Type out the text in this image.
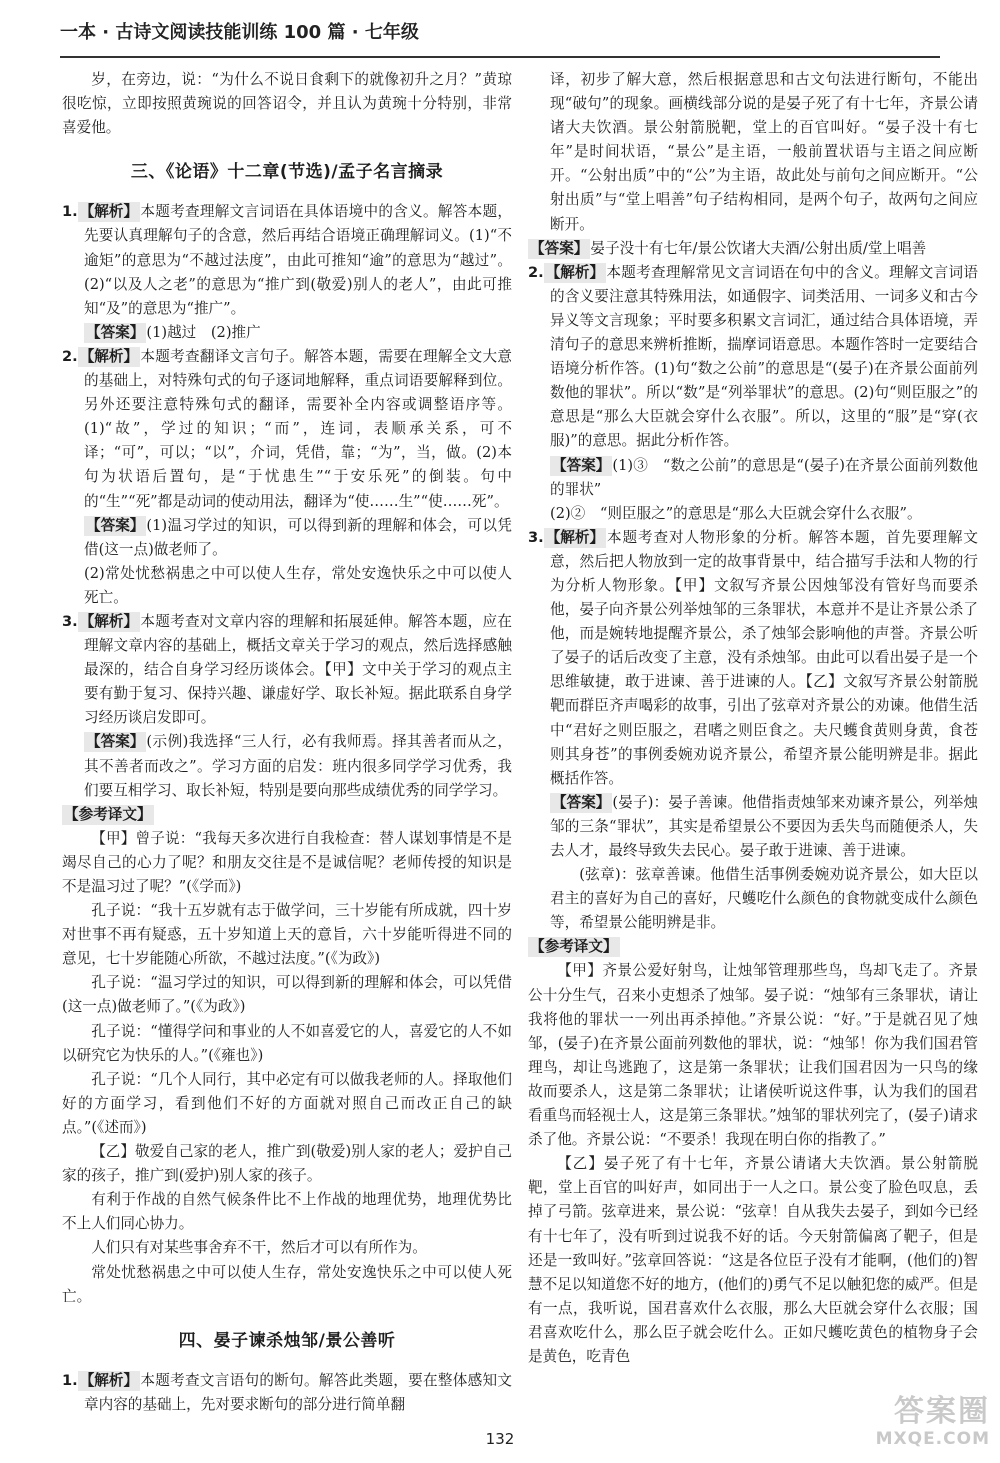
一本 · 古诗文阅读技能训练 100 篇 · 七年级

岁，在旁边，说：“为什么不说日食剩下的就像初升之月？”黄琼很吃惊，立即按照黄琬说的回答诏令，并且认为黄琬十分特别，非常喜爱他。

三、《论语》十二章(节选)/孟子名言摘录

1. 【解析】 本题考查理解文言词语在具体语境中的含义。解答本题，先要认真理解句子的含意，然后再结合语境正确理解词义。(1)“不逾矩”的意思为“不越过法度”，由此可推知“逾”的意思为“越过”。(2)“以及人之老”的意思为“推广到(敬爱)别人的老人”，由此可推知“及”的意思为“推广”。

【答案】 (1)越过　(2)推广

2. 【解析】 本题考查翻译文言句子。解答本题，需要在理解全文大意的基础上，对特殊句式的句子逐词地解释，重点词语要解释到位。另外还要注意特殊句式的翻译，需要补全内容或调整语序等。(1)“故”，学过的知识；“而”，连词，表顺承关系，可不译；“可”，可以；“以”，介词，凭借，靠；“为”，当，做。(2)本句为状语后置句，是“于忧患生”“于安乐死”的倒装。句中的“生”“死”都是动词的使动用法，翻译为“使……生”“使……死”。

【答案】 (1)温习学过的知识，可以得到新的理解和体会，可以凭借(这一点)做老师了。

(2)常处忧愁祸患之中可以使人生存，常处安逸快乐之中可以使人死亡。

3. 【解析】 本题考查对文章内容的理解和拓展延伸。解答本题，应在理解文章内容的基础上，概括文章关于学习的观点，然后选择感触最深的，结合自身学习经历谈体会。【甲】文中关于学习的观点主要有勤于复习、保持兴趣、谦虚好学、取长补短。据此联系自身学习经历谈启发即可。

【答案】 (示例)我选择“三人行，必有我师焉。择其善者而从之，其不善者而改之”。学习方面的启发：班内很多同学学习优秀，我们要互相学习、取长补短，特别是要向那些成绩优秀的同学学习。

【参考译文】

【甲】曾子说：“我每天多次进行自我检查：替人谋划事情是不是竭尽自己的心力了呢？和朋友交往是不是诚信呢？老师传授的知识是不是温习过了呢？”(《学而》)

孔子说：“我十五岁就有志于做学问，三十岁能有所成就，四十岁对世事不再有疑惑，五十岁知道上天的意旨，六十岁能听得进不同的意见，七十岁能随心所欲，不越过法度。”(《为政》)

孔子说：“温习学过的知识，可以得到新的理解和体会，可以凭借(这一点)做老师了。”(《为政》)

孔子说：“懂得学问和事业的人不如喜爱它的人，喜爱它的人不如以研究它为快乐的人。”(《雍也》)

孔子说：“几个人同行，其中必定有可以做我老师的人。择取他们好的方面学习，看到他们不好的方面就对照自己而改正自己的缺点。”(《述而》)

【乙】敬爱自己家的老人，推广到(敬爱)别人家的老人；爱护自己家的孩子，推广到(爱护)别人家的孩子。

有利于作战的自然气候条件比不上作战的地理优势，地理优势比不上人们同心协力。

人们只有对某些事舍弃不干，然后才可以有所作为。

常处忧愁祸患之中可以使人生存，常处安逸快乐之中可以使人死亡。

四、晏子谏杀烛邹/景公善听

1. 【解析】 本题考查文言语句的断句。解答此类题，要在整体感知文章内容的基础上，先对要求断句的部分进行简单翻

译，初步了解大意，然后根据意思和古文句法进行断句，不能出现“破句”的现象。画横线部分说的是晏子死了有十七年，齐景公请诸大夫饮酒。景公射箭脱靶，堂上的百官叫好。“晏子没十有七年”是时间状语，“景公”是主语，一般前置状语与主语之间应断开。“公射出质”中的“公”为主语，故此处与前句之间应断开。“公射出质”与“堂上唱善”句子结构相同，是两个句子，故两句之间应断开。

【答案】 晏子没十有七年/景公饮诸大夫酒/公射出质/堂上唱善

2. 【解析】 本题考查理解常见文言词语在句中的含义。理解文言词语的含义要注意其特殊用法，如通假字、词类活用、一词多义和古今异义等文言现象；平时要多积累文言词汇，通过结合具体语境，弄清句子的意思来辨析推断，揣摩词语意思。本题作答时一定要结合语境分析作答。(1)句“数之公前”的意思是“(晏子)在齐景公面前列数他的罪状”。所以“数”是“列举罪状”的意思。(2)句“则臣服之”的意思是“那么大臣就会穿什么衣服”。所以，这里的“服”是“穿(衣服)”的意思。据此分析作答。

【答案】 (1)③　“数之公前”的意思是“(晏子)在齐景公面前列数他的罪状”

(2)②　“则臣服之”的意思是“那么大臣就会穿什么衣服”。

3. 【解析】 本题考查对人物形象的分析。解答本题，首先要理解文意，然后把人物放到一定的故事背景中，结合描写手法和人物的行为分析人物形象。【甲】文叙写齐景公因烛邹没有管好鸟而要杀他，晏子向齐景公列举烛邹的三条罪状，本意并不是让齐景公杀了他，而是婉转地提醒齐景公，杀了烛邹会影响他的声誉。齐景公听了晏子的话后改变了主意，没有杀烛邹。由此可以看出晏子是一个思维敏捷，敢于进谏、善于进谏的人。【乙】文叙写齐景公射箭脱靶而群臣齐声喝彩的故事，引出了弦章对齐景公的劝谏。他借生活中“君好之则臣服之，君嗜之则臣食之。夫尺蠖食黄则身黄，食苍则其身苍”的事例委婉劝说齐景公，希望齐景公能明辨是非。据此概括作答。

【答案】 (晏子)：晏子善谏。他借指责烛邹来劝谏齐景公，列举烛邹的三条“罪状”，其实是希望景公不要因为丢失鸟而随便杀人，失去人才，最终导致失去民心。晏子敢于进谏、善于进谏。

(弦章)：弦章善谏。他借生活事例委婉劝说齐景公，如大臣以君主的喜好为自己的喜好，尺蠖吃什么颜色的食物就变成什么颜色等，希望景公能明辨是非。

【参考译文】

【甲】齐景公爱好射鸟，让烛邹管理那些鸟，鸟却飞走了。齐景公十分生气，召来小吏想杀了烛邹。晏子说：“烛邹有三条罪状，请让我将他的罪状一一列出再杀掉他。”齐景公说：“好。”于是就召见了烛邹，(晏子)在齐景公面前列数他的罪状，说：“烛邹！你为我们国君管理鸟，却让鸟逃跑了，这是第一条罪状；让我们国君因为一只鸟的缘故而要杀人，这是第二条罪状；让诸侯听说这件事，认为我们的国君看重鸟而轻视士人，这是第三条罪状。”烛邹的罪状列完了，(晏子)请求杀了他。齐景公说：“不要杀！我现在明白你的指教了。”

【乙】晏子死了有十七年，齐景公请诸大夫饮酒。景公射箭脱靶，堂上百官的叫好声，如同出于一人之口。景公变了脸色叹息，丢掉了弓箭。弦章进来，景公说：“弦章！自从我失去晏子，到如今已经有十七年了，没有听到过说我不好的话。今天射箭偏离了靶子，但是还是一致叫好。”弦章回答说：“这是各位臣子没有才能啊，(他们的)智慧不足以知道您不好的地方，(他们的)勇气不足以触犯您的威严。但是有一点，我听说，国君喜欢什么衣服，那么大臣就会穿什么衣服；国君喜欢吃什么，那么臣子就会吃什么。正如尺蠖吃黄色的植物身子会是黄色，吃青色

132
答案圈
MXQE.COM
